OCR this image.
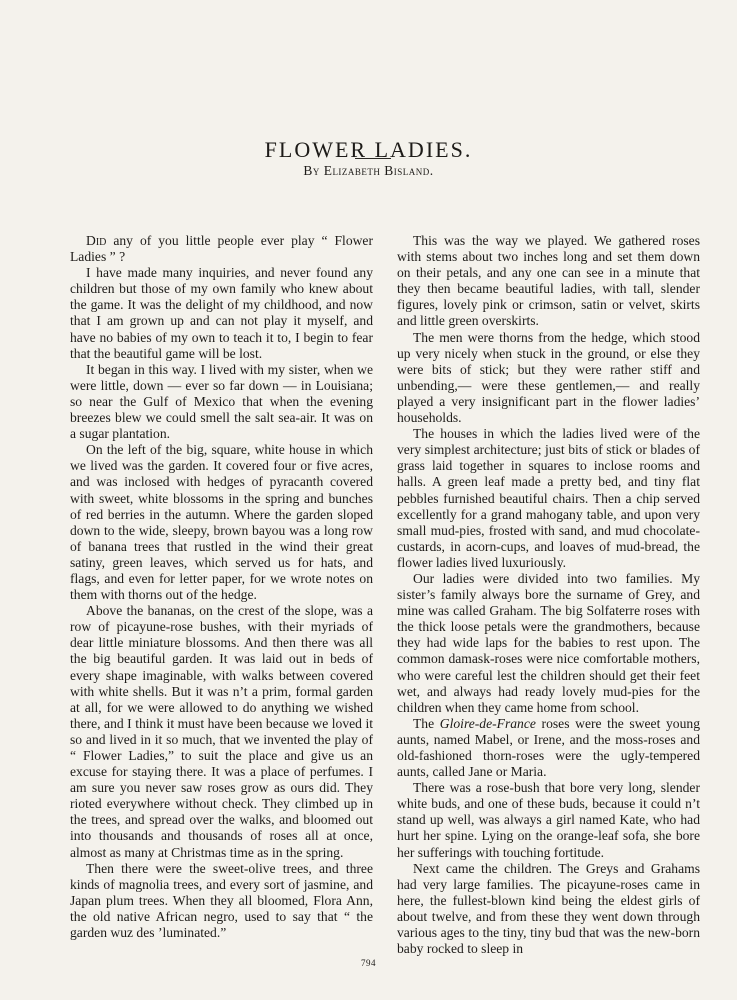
FLOWER LADIES.
By Elizabeth Bisland.

Did any of you little people ever play “ Flower Ladies ” ?

I have made many inquiries, and never found any children but those of my own family who knew about the game. It was the delight of my childhood, and now that I am grown up and can not play it myself, and have no babies of my own to teach it to, I begin to fear that the beautiful game will be lost.

It began in this way. I lived with my sister, when we were little, down — ever so far down — in Louisiana; so near the Gulf of Mexico that when the evening breezes blew we could smell the salt sea-air. It was on a sugar plantation.

On the left of the big, square, white house in which we lived was the garden. It covered four or five acres, and was inclosed with hedges of pyracanth covered with sweet, white blossoms in the spring and bunches of red berries in the autumn. Where the garden sloped down to the wide, sleepy, brown bayou was a long row of banana trees that rustled in the wind their great satiny, green leaves, which served us for hats, and flags, and even for letter paper, for we wrote notes on them with thorns out of the hedge.

Above the bananas, on the crest of the slope, was a row of picayune-rose bushes, with their myriads of dear little miniature blossoms. And then there was all the big beautiful garden. It was laid out in beds of every shape imaginable, with walks between covered with white shells. But it was n’t a prim, formal garden at all, for we were allowed to do anything we wished there, and I think it must have been because we loved it so and lived in it so much, that we invented the play of “ Flower Ladies,” to suit the place and give us an excuse for staying there. It was a place of perfumes. I am sure you never saw roses grow as ours did. They rioted everywhere without check. They climbed up in the trees, and spread over the walks, and bloomed out into thousands and thousands of roses all at once, almost as many at Christmas time as in the spring.

Then there were the sweet-olive trees, and three kinds of magnolia trees, and every sort of jasmine, and Japan plum trees. When they all bloomed, Flora Ann, the old native African negro, used to say that “ the garden wuz des ’luminated.”

This was the way we played. We gathered roses with stems about two inches long and set them down on their petals, and any one can see in a minute that they then became beautiful ladies, with tall, slender figures, lovely pink or crimson, satin or velvet, skirts and little green overskirts.

The men were thorns from the hedge, which stood up very nicely when stuck in the ground, or else they were bits of stick; but they were rather stiff and unbending,— were these gentlemen,— and really played a very insignificant part in the flower ladies’ households.

The houses in which the ladies lived were of the very simplest architecture; just bits of stick or blades of grass laid together in squares to inclose rooms and halls. A green leaf made a pretty bed, and tiny flat pebbles furnished beautiful chairs. Then a chip served excellently for a grand mahogany table, and upon very small mud-pies, frosted with sand, and mud chocolate-custards, in acorn-cups, and loaves of mud-bread, the flower ladies lived luxuriously.

Our ladies were divided into two families. My sister’s family always bore the surname of Grey, and mine was called Graham. The big Solfaterre roses with the thick loose petals were the grandmothers, because they had wide laps for the babies to rest upon. The common damask-roses were nice comfortable mothers, who were careful lest the children should get their feet wet, and always had ready lovely mud-pies for the children when they came home from school.

The Gloire-de-France roses were the sweet young aunts, named Mabel, or Irene, and the moss-roses and old-fashioned thorn-roses were the ugly-tempered aunts, called Jane or Maria.

There was a rose-bush that bore very long, slender white buds, and one of these buds, because it could n’t stand up well, was always a girl named Kate, who had hurt her spine. Lying on the orange-leaf sofa, she bore her sufferings with touching fortitude.

Next came the children. The Greys and Grahams had very large families. The picayune-roses came in here, the fullest-blown kind being the eldest girls of about twelve, and from these they went down through various ages to the tiny, tiny bud that was the new-born baby rocked to sleep in

794
